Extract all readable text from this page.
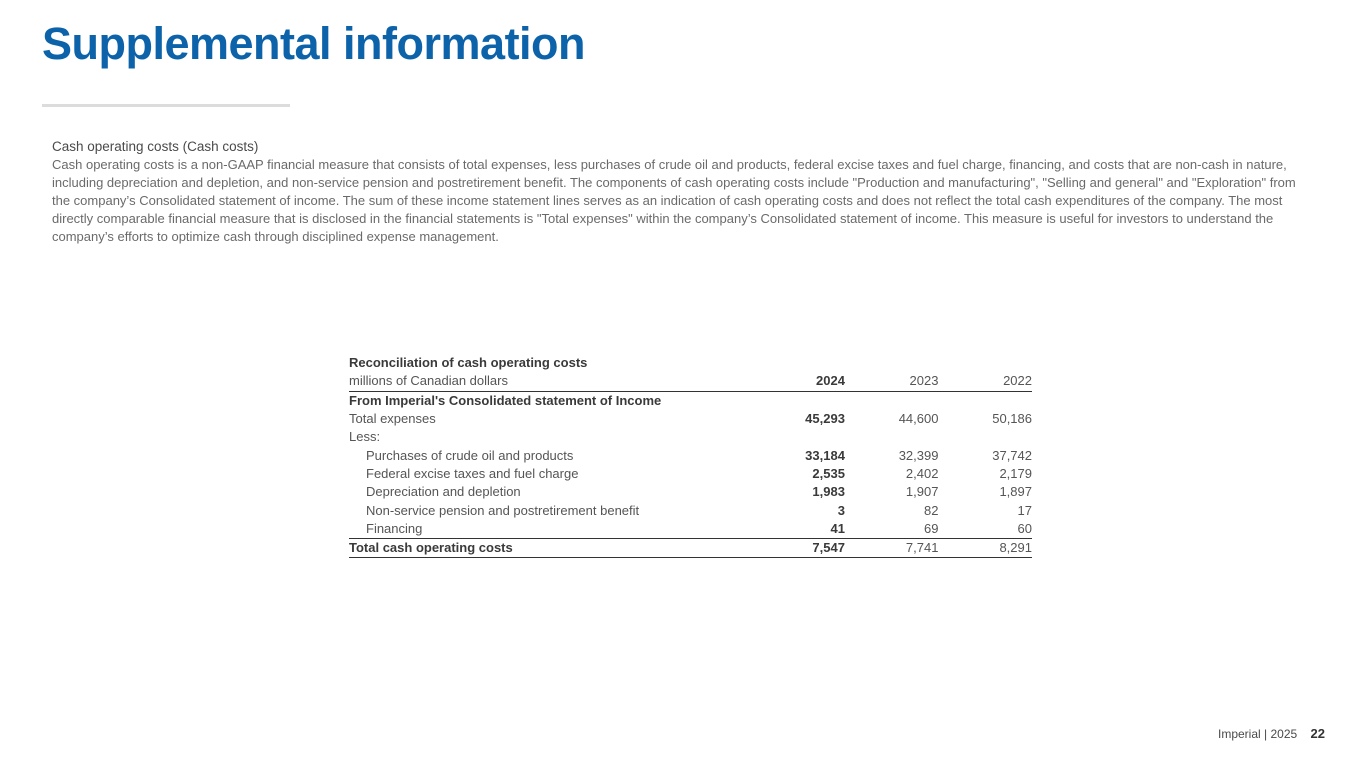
Supplemental information
Cash operating costs (Cash costs)

Cash operating costs is a non-GAAP financial measure that consists of total expenses, less purchases of crude oil and products, federal excise taxes and fuel charge, financing, and costs that are non-cash in nature, including depreciation and depletion, and non-service pension and postretirement benefit. The components of cash operating costs include "Production and manufacturing", "Selling and general" and "Exploration" from the company’s Consolidated statement of income. The sum of these income statement lines serves as an indication of cash operating costs and does not reflect the total cash expenditures of the company. The most directly comparable financial measure that is disclosed in the financial statements is "Total expenses" within the company’s Consolidated statement of income. This measure is useful for investors to understand the company’s efforts to optimize cash through disciplined expense management.

Reconciliation of cash operating costs			
millions of Canadian dollars	2024	2023	2022
From Imperial's Consolidated statement of Income			
Total expenses	45,293	44,600	50,186
Less:			
Purchases of crude oil and products	33,184	32,399	37,742
Federal excise taxes and fuel charge	2,535	2,402	2,179
Depreciation and depletion	1,983	1,907	1,897
Non-service pension and postretirement benefit	3	82	17
Financing	41	69	60
Total cash operating costs	7,547	7,741	8,291
Imperial | 2025 22
